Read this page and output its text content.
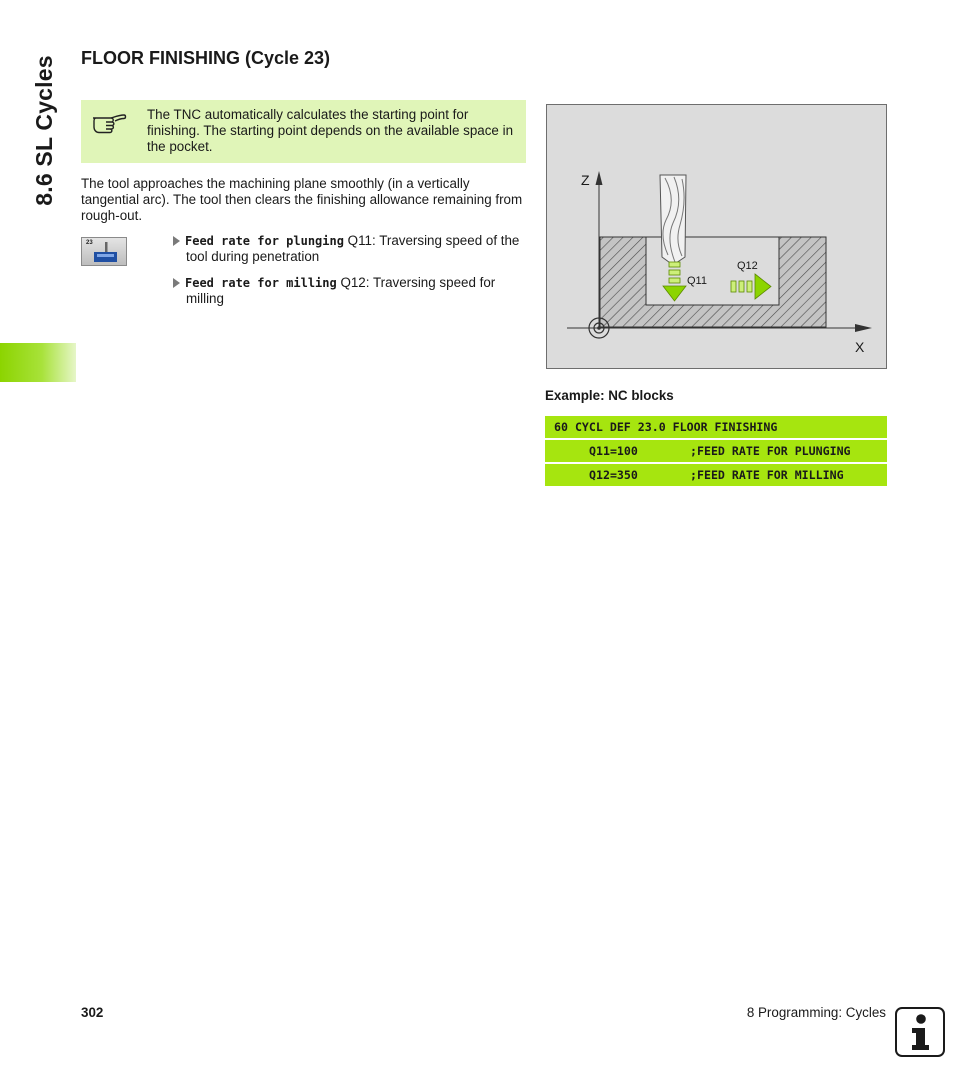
8.6 SL Cycles FLOOR FINISHING (Cycle 23)
The TNC automatically calculates the starting point for finishing. The starting point depends on the available space in the pocket.
The tool approaches the machining plane smoothly (in a vertically tangential arc). The tool then clears the finishing allowance remaining from rough-out.
23	Feed rate for plunging Q11: Traversing speed of the tool during penetration
Feed rate for milling Q12: Traversing speed for milling
Z
X
Q11
Q12
Example: NC blocks

60 CYCL DEF 23.0 FLOOR FINISHING

Q11=100

	;FEED RATE FOR PLUNGING

Q12=350

	;FEED RATE FOR MILLING

302	8 Programming: Cycles
